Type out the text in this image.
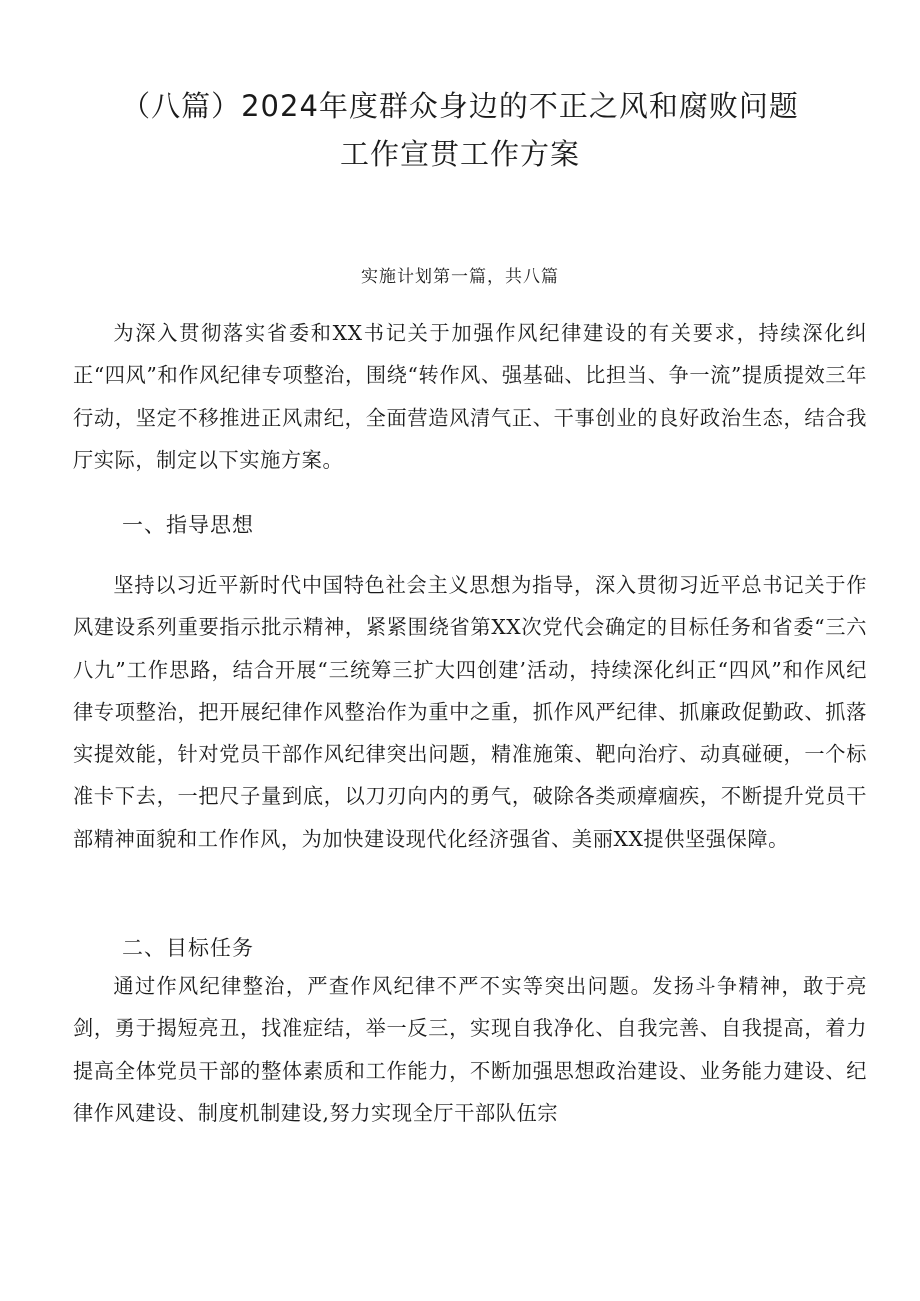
（八篇）2024年度群众身边的不正之风和腐败问题
工作宣贯工作方案

实施计划第一篇，共八篇

为深入贯彻落实省委和XX书记关于加强作风纪律建设的有关要求，持续深化纠正“四风”和作风纪律专项整治，围绕“转作风、强基础、比担当、争一流”提质提效三年行动，坚定不移推进正风肃纪，全面营造风清气正、干事创业的良好政治生态，结合我厅实际，制定以下实施方案。

一、指导思想

坚持以习近平新时代中国特色社会主义思想为指导，深入贯彻习近平总书记关于作风建设系列重要指示批示精神，紧紧围绕省第XX次党代会确定的目标任务和省委“三六八九”工作思路，结合开展“三统筹三扩大四创建’活动，持续深化纠正“四风”和作风纪律专项整治，把开展纪律作风整治作为重中之重，抓作风严纪律、抓廉政促勤政、抓落实提效能，针对党员干部作风纪律突出问题，精准施策、靶向治疗、动真碰硬，一个标准卡下去，一把尺子量到底，以刀刃向内的勇气，破除各类顽瘴痼疾，不断提升党员干部精神面貌和工作作风，为加快建设现代化经济强省、美丽XX提供坚强保障。

二、目标任务

通过作风纪律整治，严查作风纪律不严不实等突出问题。发扬斗争精神，敢于亮剑，勇于揭短亮丑，找准症结，举一反三，实现自我净化、自我完善、自我提高，着力提高全体党员干部的整体素质和工作能力，不断加强思想政治建设、业务能力建设、纪律作风建设、制度机制建设,努力实现全厅干部队伍宗
